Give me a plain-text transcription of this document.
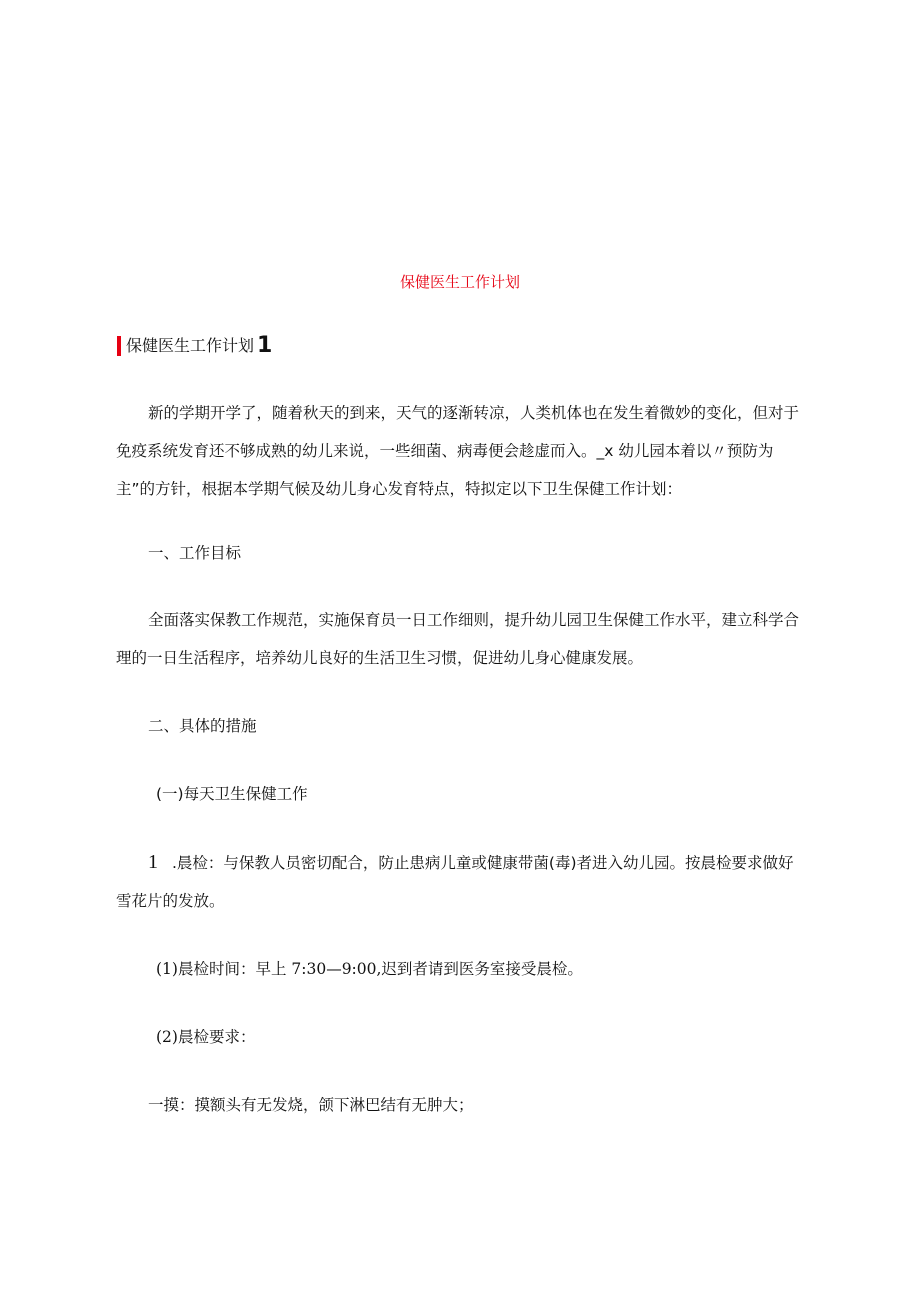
保健医生工作计划
保健医生工作计划 1

新的学期开学了，随着秋天的到来，天气的逐渐转凉，人类机体也在发生着微妙的变化，但对于免疫系统发育还不够成熟的幼儿来说，一些细菌、病毒便会趁虚而入。_x 幼儿园本着以〃预防为主”的方针，根据本学期气候及幼儿身心发育特点，特拟定以下卫生保健工作计划：

一、工作目标

全面落实保教工作规范，实施保育员一日工作细则，提升幼儿园卫生保健工作水平，建立科学合理的一日生活程序，培养幼儿良好的生活卫生习惯，促进幼儿身心健康发展。

二、具体的措施

(一)每天卫生保健工作

1 .晨检：与保教人员密切配合，防止患病儿童或健康带菌(毒)者进入幼儿园。按晨检要求做好雪花片的发放。

(1)晨检时间：早上 7:30—9:00,迟到者请到医务室接受晨检。

(2)晨检要求：

一摸：摸额头有无发烧，颌下淋巴结有无肿大；
